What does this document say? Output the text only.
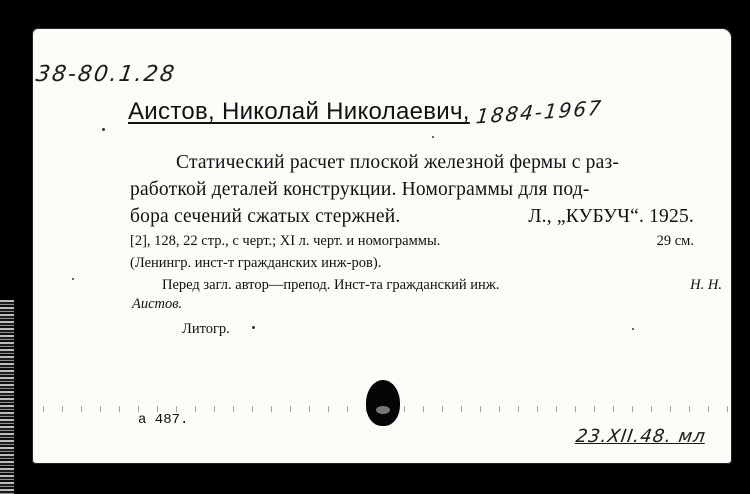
38-80.1.28
Аистов, Николай Николаевич, 1884-1967
Статический расчет плоской железной фермы с раз-
работкой деталей конструкции. Номограммы для под-
бора сечений сжатых стержней.	Л., „КУБУЧ“. 1925.
[2], 128, 22 стр., с черт.; XI л. черт. и номограммы.	29 см.
(Ленингр. инст-т гражданских инж-ров).
Перед загл. автор—препод. Инст-та гражданский инж.	Н. Н.
Аистов.
Литогр.
а 487.
23.XII.48. мл
